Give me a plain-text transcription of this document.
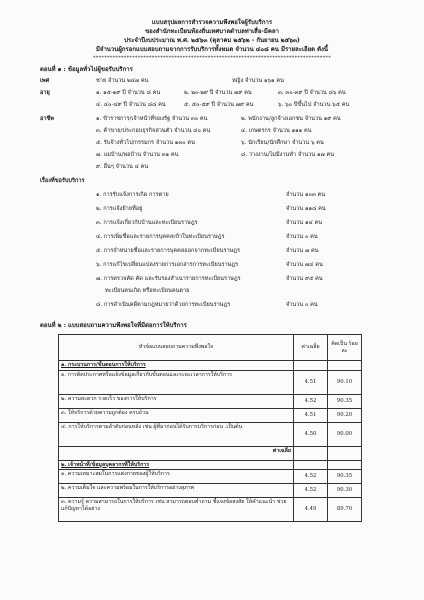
แบบสรุปผลการสำรวจความพึงพอใจผู้รับบริการ
ของสำนักทะเบียนท้องถิ่นเทศบาลตำบลท่าเสื่อ-มีคลา
ประจำปีงบประมาณ พ.ศ. ๒๕๖๓ (ตุลาคม ๒๕๖๒ - กันยายน ๒๕๖๓)
มีจำนวนผู้กรอกแบบสอบถามจากการรับบริการทั้งหมด จำนวน ๔๐๘ คน มีรายละเอียด ดังนี้
*************************************************************************************
ตอนที่ ๑ : ข้อมูลทั่วไปผู้ขอรับบริการ
เพศ	ชาย จำนวน ๒๔๗ คน	หญิง จำนวน ๑๖๑ คน
อายุ	๑. ๑๕-๑๙ ปี จำนวน ๘ คน	๒. ๒๐-๒๙ ปี จำนวน ๗๙ คน	๓. ๓๐-๓๙ ปี จำนวน ๘๖ คน
๔. ๔๐-๔๙ ปี จำนวน ๘๘ คน	๕. ๕๐-๕๙ ปี จำนวน ๗๙ คน	๖. ๖๐ ปีขึ้นไป จำนวน ๖๕ คน
อาชีพ	๑. ข้าราชการ/เจ้าหน้าที่ของรัฐ จำนวน ๓๐ คน	๒. พนักงาน/ลูกจ้างเอกชน จำนวน ๑๙ คน
๓. ค้าขาย/ประกอบธุรกิจส่วนตัว จำนวน ๔๐ คน	๔. เกษตรกร จำนวน ๑๑๑ คน
๕. รับจ้างทั่วไป/กรรมกร จำนวน ๑๓๐ คน	๖. นักเรียน/นักศึกษา จำนวน ๖ คน
๗. แม่บ้าน/พ่อบ้าน จำนวน ๓๑ คน	๘. ว่างงาน/ไม่มีงานทำ จำนวน ๑๗ คน
๙. อื่นๆ จำนวน ๔ คน
เรื่องที่ขอรับบริการ
๑. การรับแจ้งการเกิด การตาย	จำนวน ๑๐๓ คน
๒. การแจ้งย้ายที่อยู่	จำนวน ๑๑๘ คน
๓. การแจ้งเกี่ยวกับบ้านและทะเบียนราษฎร	จำนวน ๑๔ คน
๔. การเพิ่มชื่อและรายการบุคคลเข้าในทะเบียนราษฎร	จำนวน ๐ คน
๕. การจำหน่ายชื่อและรายการบุคคลออกจากทะเบียนราษฎร	จำนวน ๗ คน
๖. การแก้ไขเปลี่ยนแปลงรายการเอกสารการทะเบียนราษฎร	จำนวน ๗๔ คน
๗. การตรวจคัด คัด และรับรองสำเนารายการทะเบียนราษฎร	จำนวน ๙๕ คน
ทะเบียนคนเกิด หรือทะเบียนคนตาย
๘. การดำเนินคดีตามกฎหมายว่าด้วยการทะเบียนราษฎร	จำนวน ๐ คน
ตอนที่ ๒ : แบบสอบถามความพึงพอใจที่มีต่อการให้บริการ
หัวข้อแบบสอบถามความพึงพอใจ	ค่าเฉลี่ย	คิดเป็น ร้อยละ
๑. กระบวนการ/ขั้นตอนการให้บริการ		
๑. การติดประกาศหรือแจ้งข้อมูลเกี่ยวกับขั้นตอนและระยะเวลาการให้บริการ	4.51	90.10
๒. ความสะดวก รวดเร็ว ของการให้บริการ	4.52	90.35
๓. ให้บริการด้วยความถูกต้อง ครบถ้วน	4.51	90.20
๔. การให้บริการตามลำดับก่อนหลัง เช่น ผู้ที่มาก่อนได้รับการบริการก่อน .เป็นต้น	4.50	90.00
ค่าเฉลี่ย		
๒. เจ้าหน้าที่/ข้อมูลบุคลากรที่ให้บริการ		
๑. ความเหมาะสมในการแต่งกายของผู้ให้บริการ	4.52	90.35
๒. ความเต็มใจ และความพร้อมในการให้บริการอย่างสุภาพ	4.52	90.30
๓. ความรู้ ความสามารถในการให้บริการ เช่น สามารถตอบคำถาม ชี้แจงข้อสงสัย ให้คำแนะนำ ช่วยแก้ปัญหาได้อย่าง	4.49	89.70
